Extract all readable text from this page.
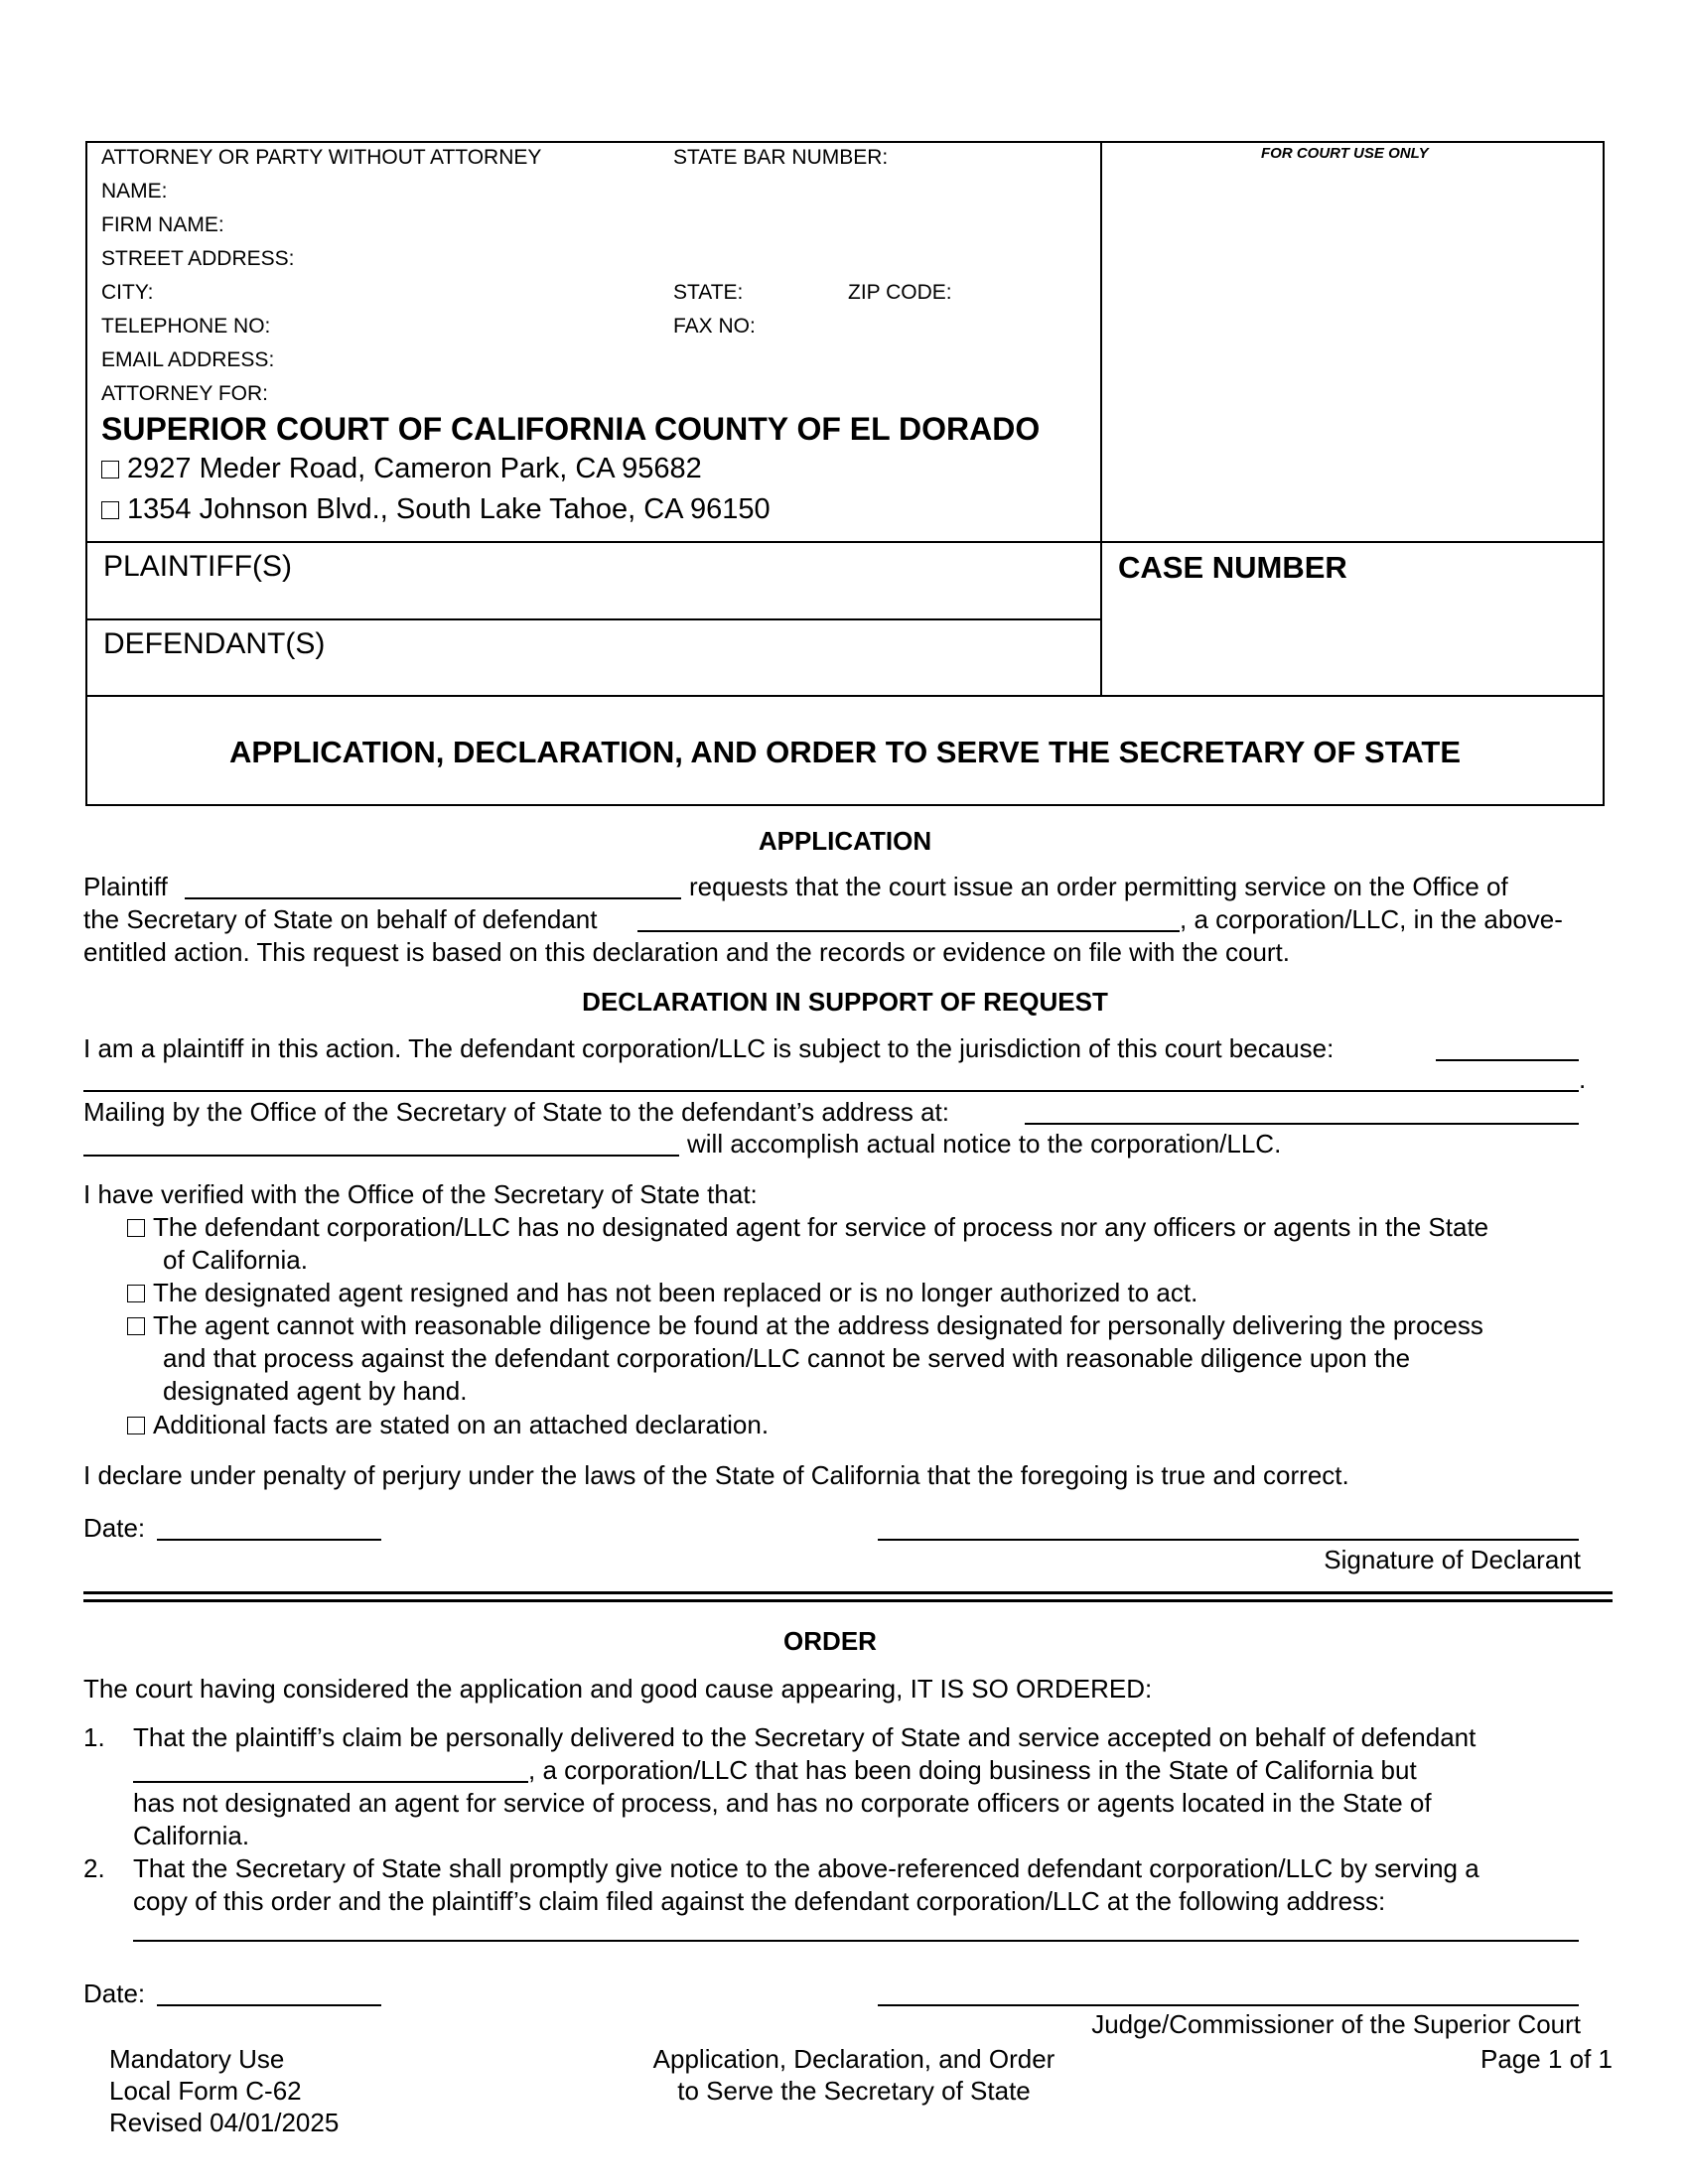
ATTORNEY OR PARTY WITHOUT ATTORNEY	STATE BAR NUMBER:	FOR COURT USE ONLY
NAME:
FIRM NAME:
STREET ADDRESS:
CITY:	STATE:	ZIP CODE:
TELEPHONE NO:	FAX NO:
EMAIL ADDRESS:
ATTORNEY FOR:
SUPERIOR COURT OF CALIFORNIA COUNTY OF EL DORADO
2927 Meder Road, Cameron Park, CA 95682
1354 Johnson Blvd., South Lake Tahoe, CA 96150
PLAINTIFF(S)
DEFENDANT(S)
CASE NUMBER
APPLICATION, DECLARATION, AND ORDER TO SERVE THE SECRETARY OF STATE
APPLICATION
Plaintiff	requests that the court issue an order permitting service on the Office of
the Secretary of State on behalf of defendant	, a corporation/LLC, in the above-
entitled action. This request is based on this declaration and the records or evidence on file with the court.
DECLARATION IN SUPPORT OF REQUEST
I am a plaintiff in this action. The defendant corporation/LLC is subject to the jurisdiction of this court because:
.
Mailing by the Office of the Secretary of State to the defendant’s address at:
will accomplish actual notice to the corporation/LLC.
I have verified with the Office of the Secretary of State that:
The defendant corporation/LLC has no designated agent for service of process nor any officers or agents in the State
of California.
The designated agent resigned and has not been replaced or is no longer authorized to act.
The agent cannot with reasonable diligence be found at the address designated for personally delivering the process
and that process against the defendant corporation/LLC cannot be served with reasonable diligence upon the
designated agent by hand.
Additional facts are stated on an attached declaration.
I declare under penalty of perjury under the laws of the State of California that the foregoing is true and correct.
Date:
Signature of Declarant
ORDER
The court having considered the application and good cause appearing, IT IS SO ORDERED:
1. That the plaintiff’s claim be personally delivered to the Secretary of State and service accepted on behalf of defendant
, a corporation/LLC that has been doing business in the State of California but
has not designated an agent for service of process, and has no corporate officers or agents located in the State of
California.
2. That the Secretary of State shall promptly give notice to the above-referenced defendant corporation/LLC by serving a
copy of this order and the plaintiff’s claim filed against the defendant corporation/LLC at the following address:
Date:
Judge/Commissioner of the Superior Court
Mandatory Use
Local Form C-62
Revised 04/01/2025
Application, Declaration, and Order
to Serve the Secretary of State
Page 1 of 1
